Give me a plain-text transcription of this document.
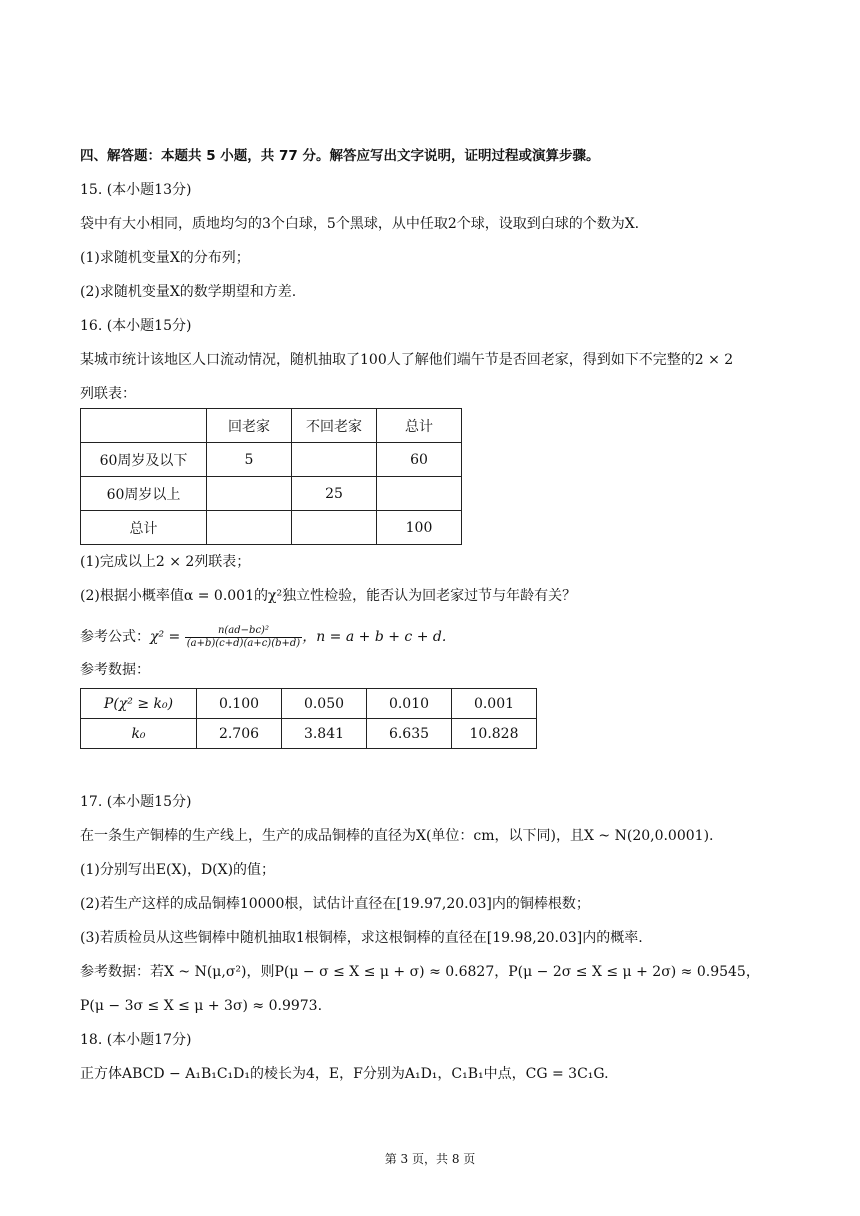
四、解答题：本题共 5 小题，共 77 分。解答应写出文字说明，证明过程或演算步骤。
15. (本小题13分)
袋中有大小相同，质地均匀的3个白球，5个黑球，从中任取2个球，设取到白球的个数为X.
(1)求随机变量X的分布列；
(2)求随机变量X的数学期望和方差.
16. (本小题15分)
某城市统计该地区人口流动情况，随机抽取了100人了解他们端午节是否回老家，得到如下不完整的2 × 2
列联表：
	回老家	不回老家	总计
60周岁及以下	5		60
60周岁以上		25	
总计			100
(1)完成以上2 × 2列联表；
(2)根据小概率值α = 0.001的χ²独立性检验，能否认为回老家过节与年龄有关？
参考公式：$\chi^2 = \frac{\text{n(ad−bc)²}}{(a+b)(c+d)(a+c)(b+d)}$ ，n = a + b + c + d.
参考数据：
P(χ² ≥ k₀)	0.100	0.050	0.010	0.001
k₀	2.706	3.841	6.635	10.828
17. (本小题15分)
在一条生产铜棒的生产线上，生产的成品铜棒的直径为X(单位：cm，以下同)，且X ~ N(20,0.0001).
(1)分别写出E(X)，D(X)的值；
(2)若生产这样的成品铜棒10000根，试估计直径在[19.97,20.03]内的铜棒根数；
(3)若质检员从这些铜棒中随机抽取1根铜棒，求这根铜棒的直径在[19.98,20.03]内的概率.
参考数据：若X ~ N(μ,σ²)，则P(μ − σ ≤ X ≤ μ + σ) ≈ 0.6827，P(μ − 2σ ≤ X ≤ μ + 2σ) ≈ 0.9545，
P(μ − 3σ ≤ X ≤ μ + 3σ) ≈ 0.9973.
18. (本小题17分)
正方体ABCD − A₁B₁C₁D₁的棱长为4，E，F分别为A₁D₁，C₁B₁中点，CG = 3C₁G.
第 3 页，共 8 页
